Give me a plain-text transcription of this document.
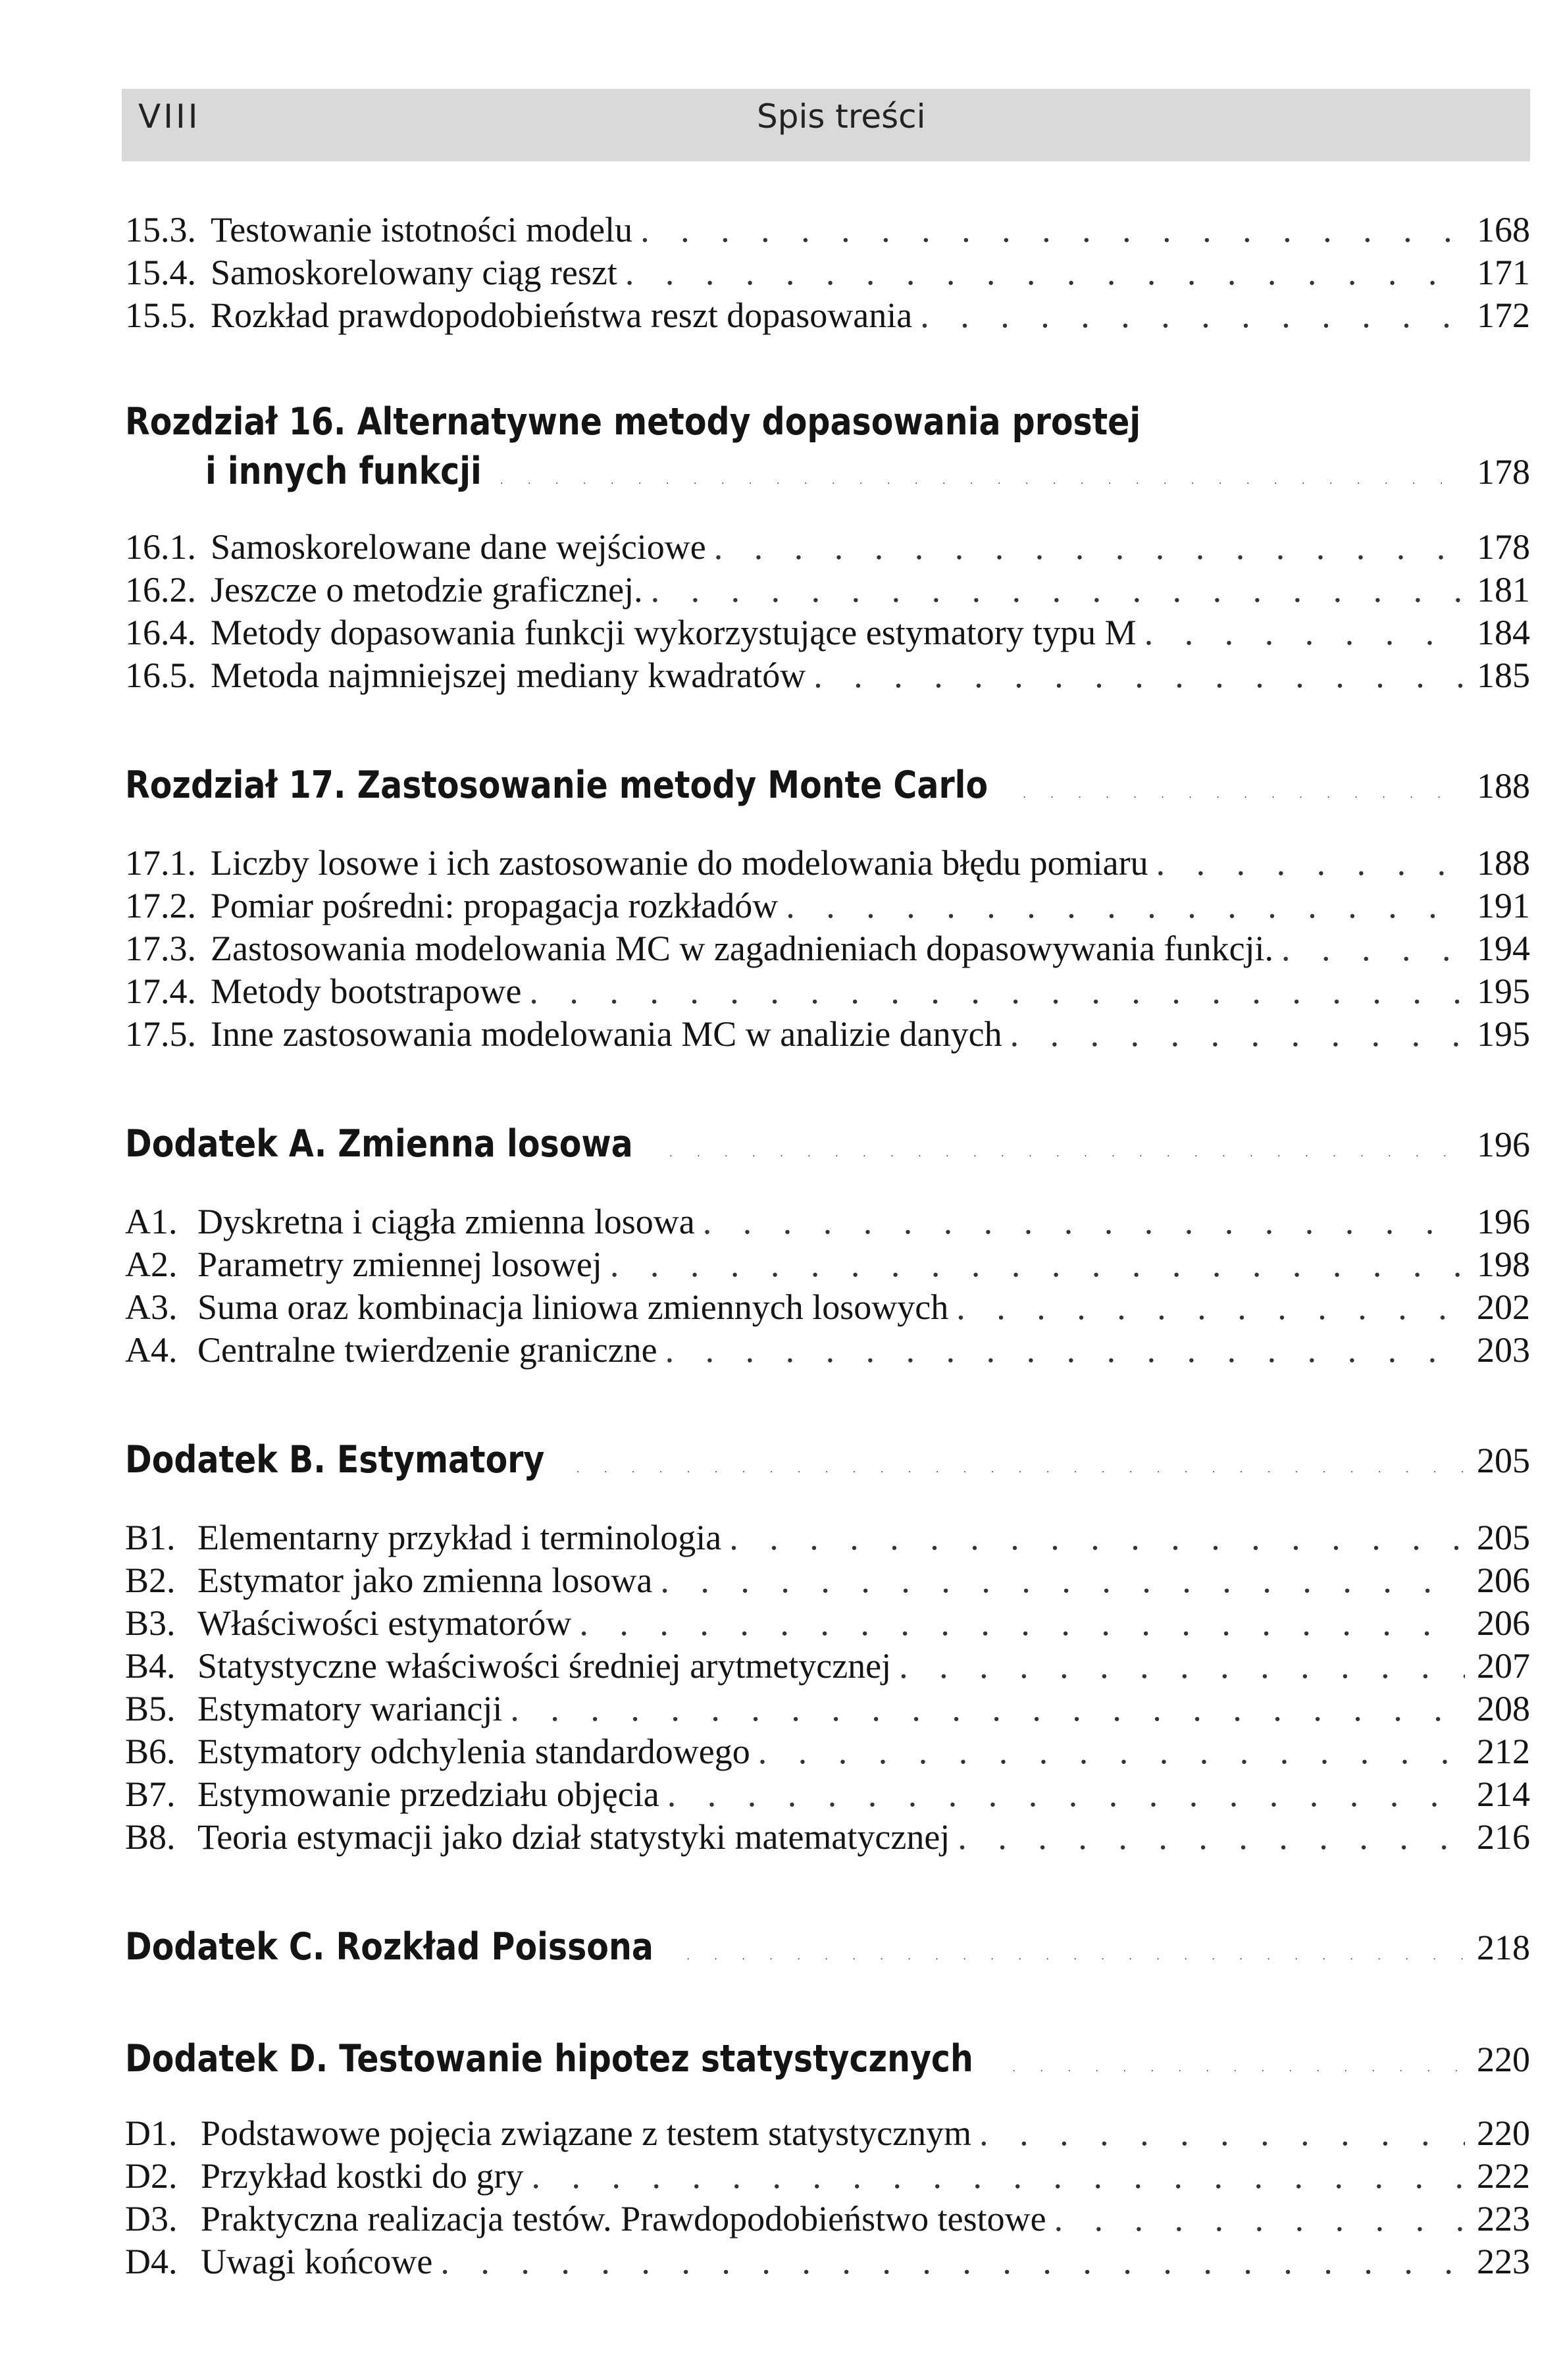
VIII	Spis treści
15.3. Testowanie istotności modelu . . .	168
15.4. Samoskorelowany ciąg reszt . . .	171
15.5. Rozkład prawdopodobieństwa reszt dopasowania . . .	172
Rozdział 16. Alternatywne metody dopasowania prostej
i innych funkcji . . .	178
16.1. Samoskorelowane dane wejściowe . . .	178
16.2. Jeszcze o metodzie graficznej. . . .	181
16.4. Metody dopasowania funkcji wykorzystujące estymatory typu M . . .	184
16.5. Metoda najmniejszej mediany kwadratów . . .	185
Rozdział 17. Zastosowanie metody Monte Carlo . . .	188
17.1. Liczby losowe i ich zastosowanie do modelowania błędu pomiaru . . .	188
17.2. Pomiar pośredni: propagacja rozkładów . . .	191
17.3. Zastosowania modelowania MC w zagadnieniach dopasowywania funkcji. . . .	194
17.4. Metody bootstrapowe . . .	195
17.5. Inne zastosowania modelowania MC w analizie danych . . .	195
Dodatek A. Zmienna losowa . . .	196
A1. Dyskretna i ciągła zmienna losowa . . .	196
A2. Parametry zmiennej losowej . . .	198
A3. Suma oraz kombinacja liniowa zmiennych losowych . . .	202
A4. Centralne twierdzenie graniczne . . .	203
Dodatek B. Estymatory . . .	205
B1. Elementarny przykład i terminologia . . .	205
B2. Estymator jako zmienna losowa . . .	206
B3. Właściwości estymatorów . . .	206
B4. Statystyczne właściwości średniej arytmetycznej . . .	207
B5. Estymatory wariancji . . .	208
B6. Estymatory odchylenia standardowego . . .	212
B7. Estymowanie przedziału objęcia . . .	214
B8. Teoria estymacji jako dział statystyki matematycznej . . .	216
Dodatek C. Rozkład Poissona . . .	218
Dodatek D. Testowanie hipotez statystycznych . . .	220
D1. Podstawowe pojęcia związane z testem statystycznym . . .	220
D2. Przykład kostki do gry . . .	222
D3. Praktyczna realizacja testów. Prawdopodobieństwo testowe . . .	223
D4. Uwagi końcowe . . .	223
